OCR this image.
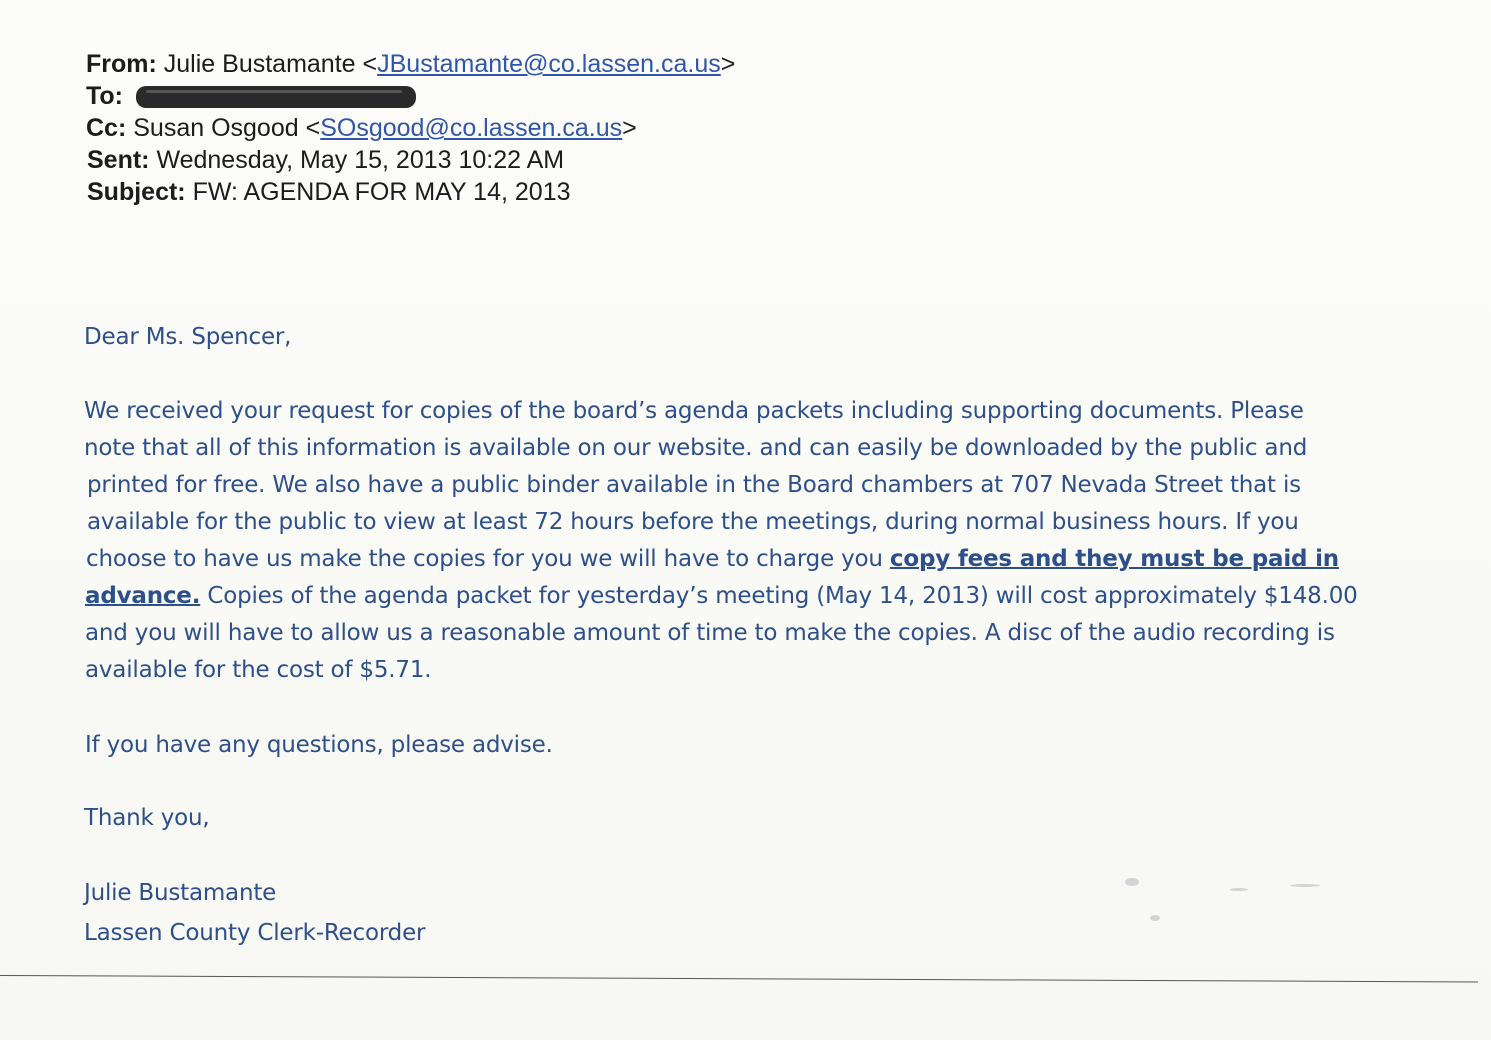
From: Julie Bustamante <JBustamante@co.lassen.ca.us>
To:
Cc: Susan Osgood <SOsgood@co.lassen.ca.us>
Sent: Wednesday, May 15, 2013 10:22 AM
Subject: FW: AGENDA FOR MAY 14, 2013
Dear Ms. Spencer,
We received your request for copies of the board’s agenda packets including supporting documents. Please
note that all of this information is available on our website. and can easily be downloaded by the public and
printed for free. We also have a public binder available in the Board chambers at 707 Nevada Street that is
available for the public to view at least 72 hours before the meetings, during normal business hours. If you
choose to have us make the copies for you we will have to charge you copy fees and they must be paid in
advance. Copies of the agenda packet for yesterday’s meeting (May 14, 2013) will cost approximately $148.00
and you will have to allow us a reasonable amount of time to make the copies. A disc of the audio recording is
available for the cost of $5.71.
If you have any questions, please advise.
Thank you,
Julie Bustamante
Lassen County Clerk-Recorder
